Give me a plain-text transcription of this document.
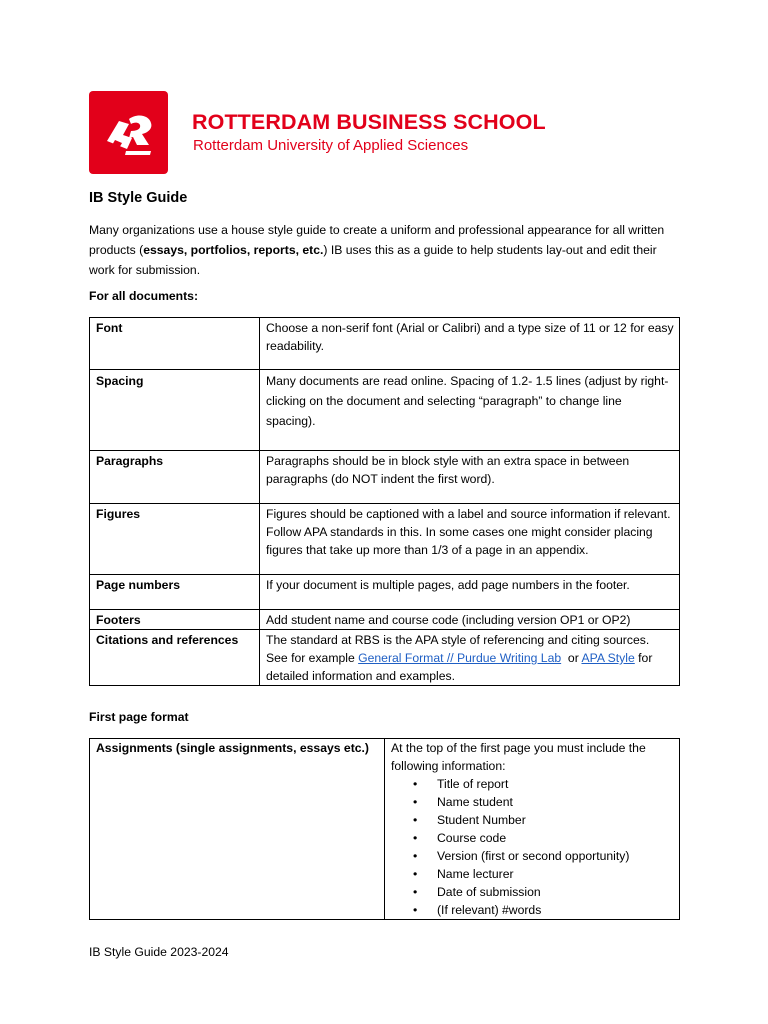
ROTTERDAM BUSINESS SCHOOL
Rotterdam University of Applied Sciences
IB Style Guide

Many organizations use a house style guide to create a uniform and professional appearance for all written products (essays, portfolios, reports, etc.) IB uses this as a guide to help students lay-out and edit their work for submission.

For all documents:
Font	Choose a non-serif font (Arial or Calibri) and a type size of 11 or 12 for easy readability.
Spacing	Many documents are read online. Spacing of 1.2- 1.5 lines (adjust by right-clicking on the document and selecting “paragraph” to change line spacing).
Paragraphs	Paragraphs should be in block style with an extra space in between paragraphs (do NOT indent the first word).
Figures	Figures should be captioned with a label and source information if relevant. Follow APA standards in this. In some cases one might consider placing figures that take up more than 1/3 of a page in an appendix.
Page numbers	If your document is multiple pages, add page numbers in the footer.
Footers	Add student name and course code (including version OP1 or OP2)
Citations and references	The standard at RBS is the APA style of referencing and citing sources. See for example General Format // Purdue Writing Lab  or APA Style for detailed information and examples.
First page format
Assignments (single assignments, essays etc.)	At the top of the first page you must include the following information:
• Title of report
• Name student
• Student Number
• Course code
• Version (first or second opportunity)
• Name lecturer
• Date of submission
• (If relevant) #words
IB Style Guide 2023-2024
